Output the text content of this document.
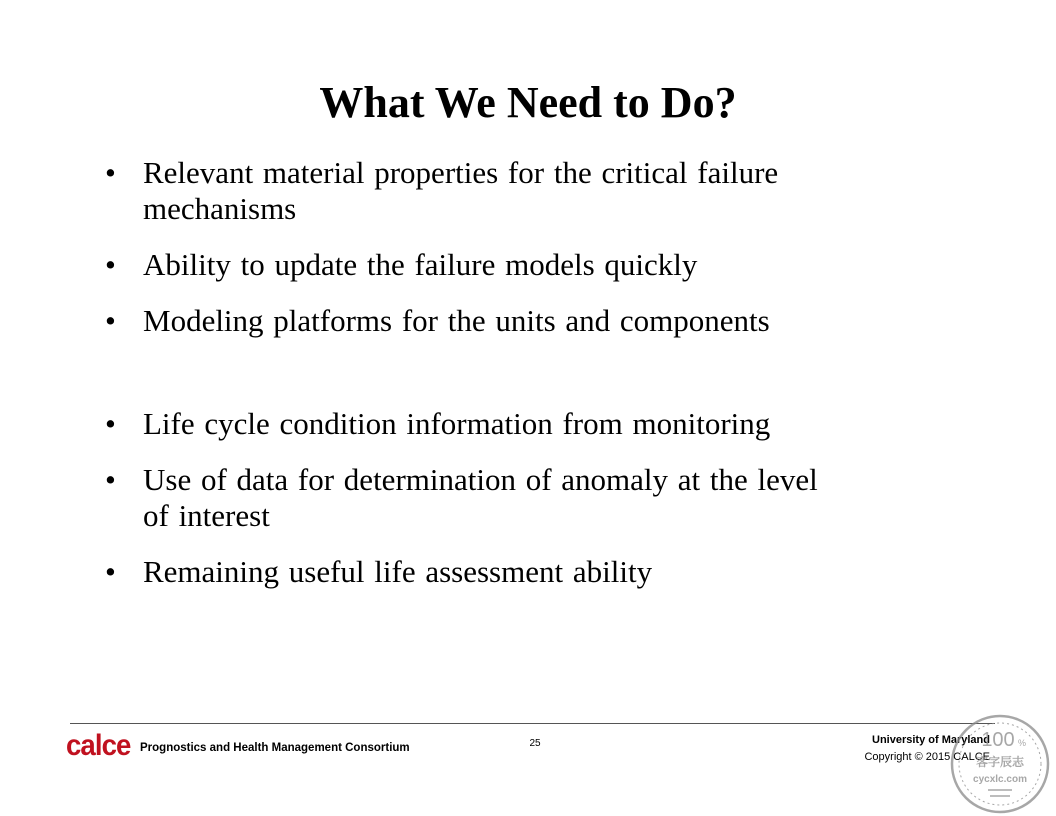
What We Need to Do?
• Relevant material properties for the critical failure
mechanisms
• Ability to update the failure models quickly
• Modeling platforms for the units and components
• Life cycle condition information from monitoring
• Use of data for determination of anomaly at the level
of interest
• Remaining useful life assessment ability
calce Prognostics and Health Management Consortium	25	University of Maryland
Copyright © 2015 CALCE
100 %
客字辰志
cycxlc.com
